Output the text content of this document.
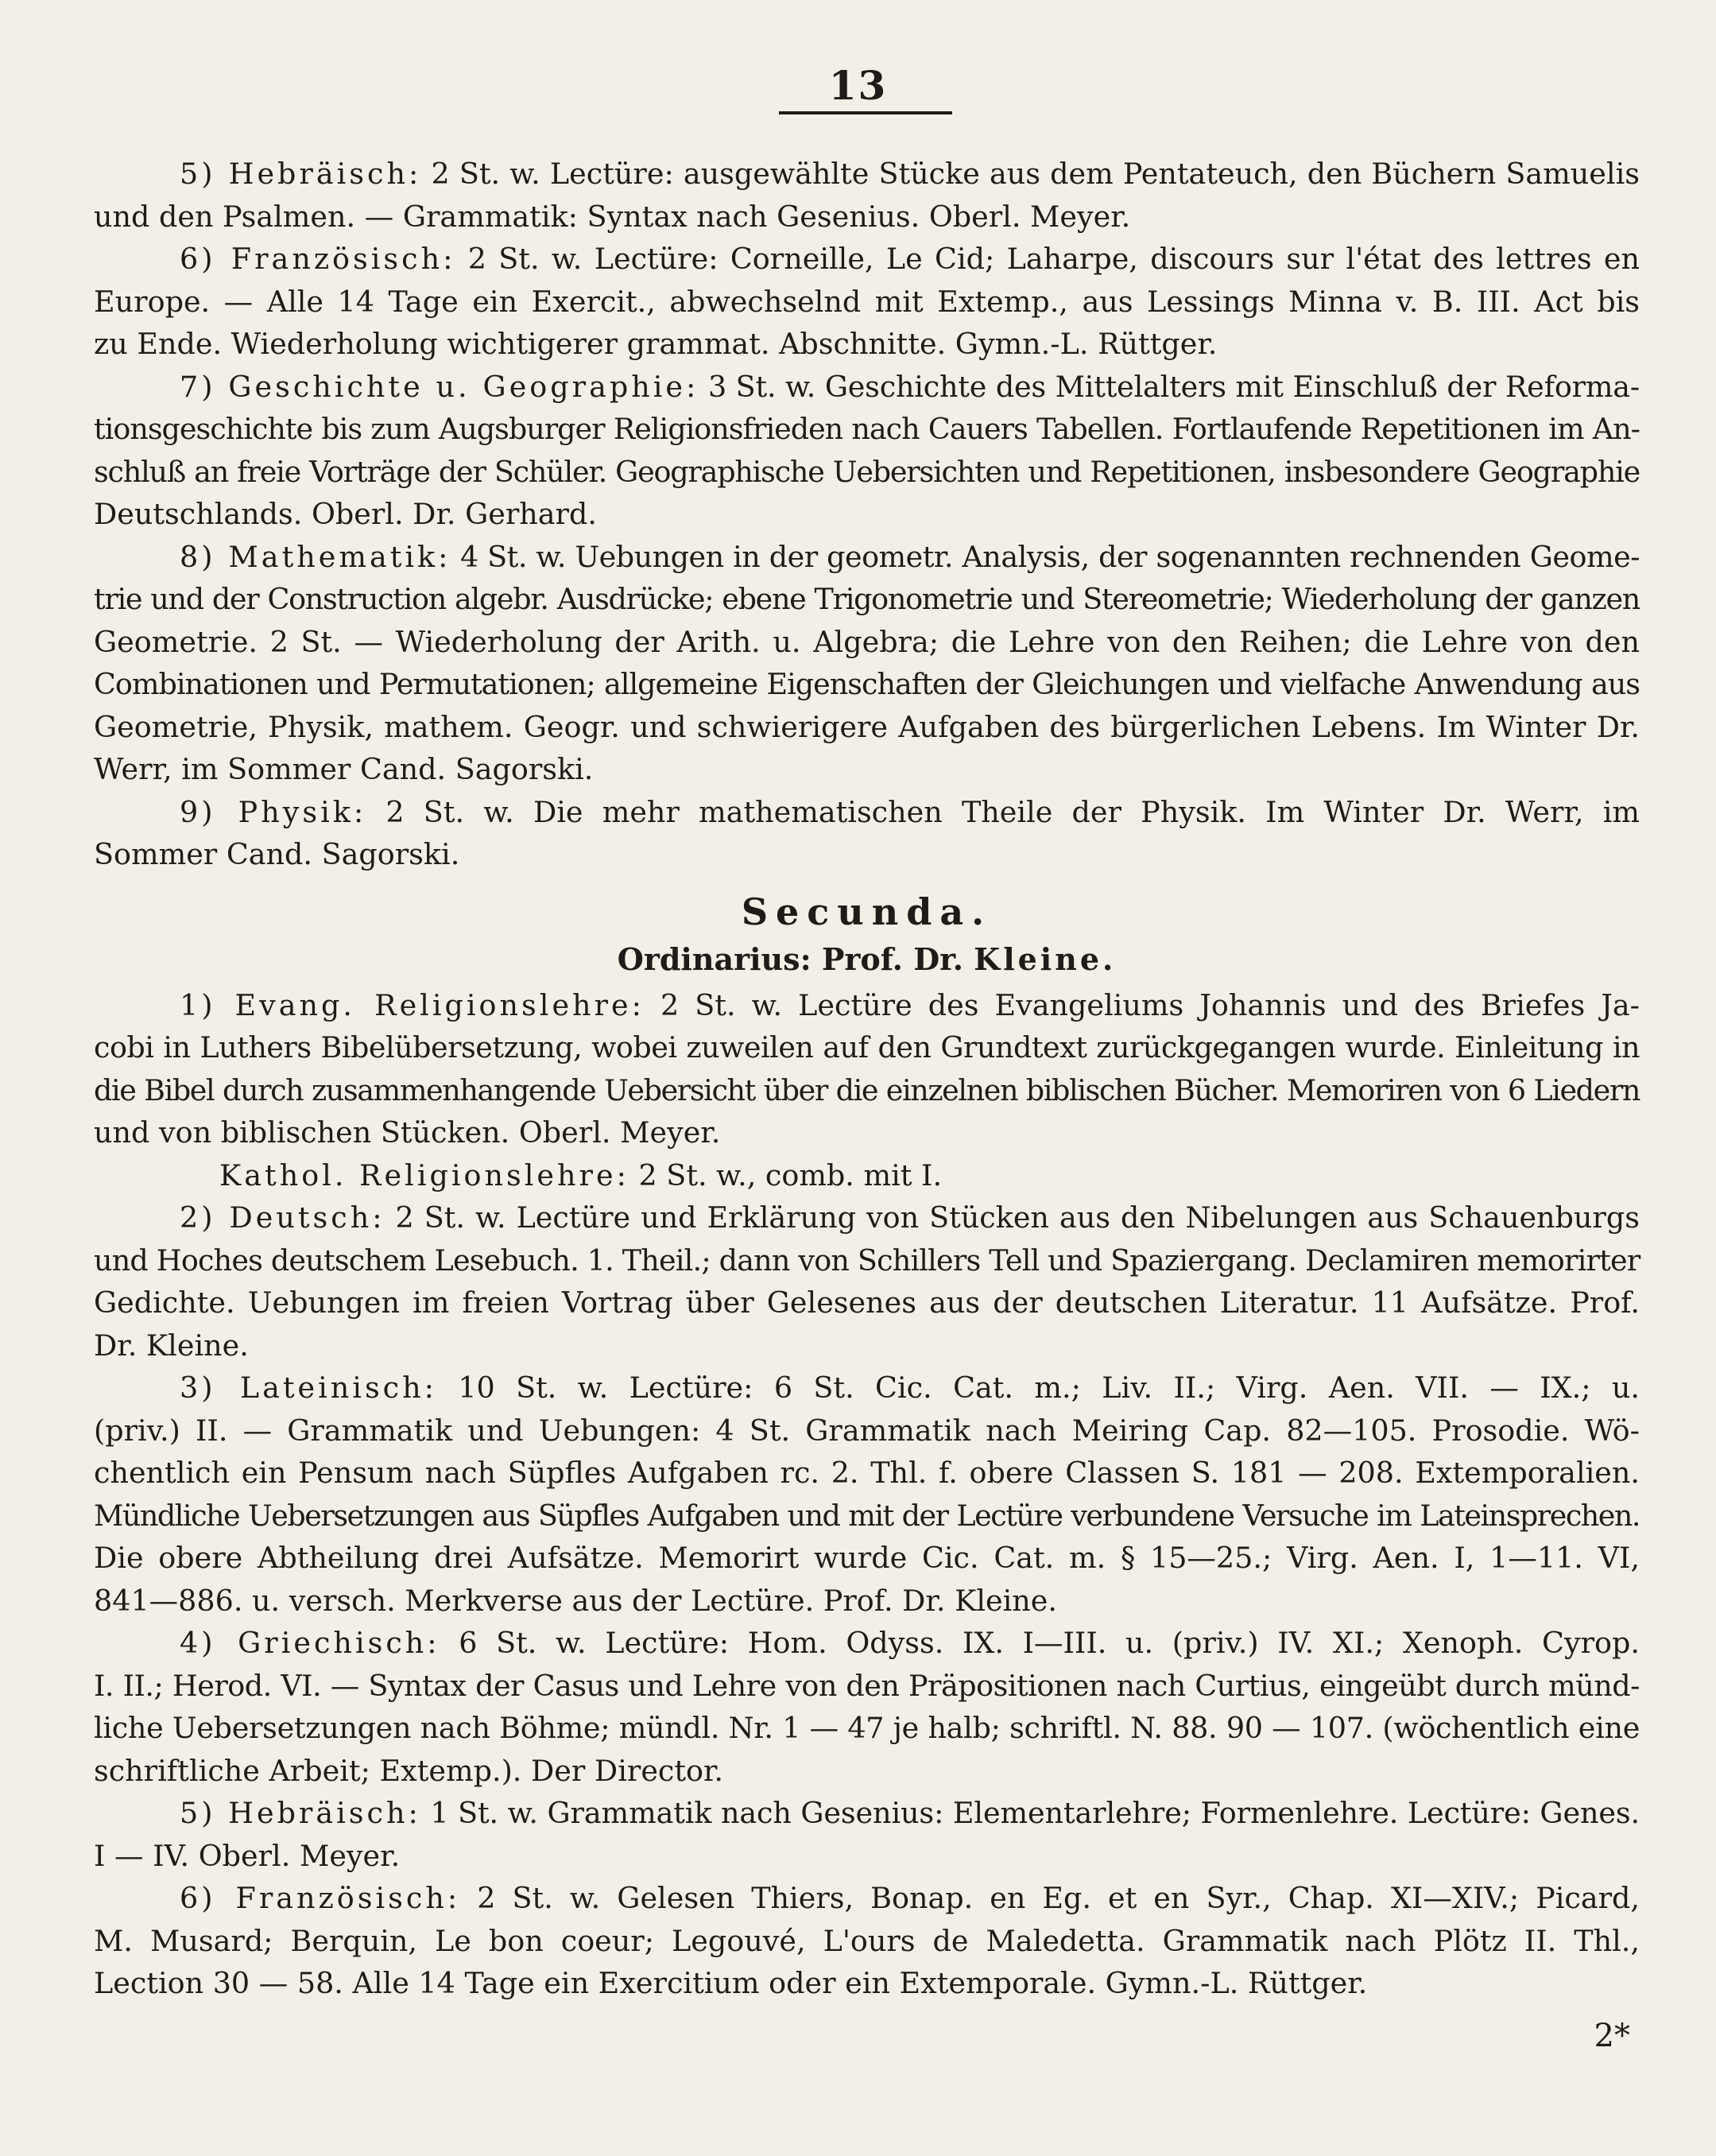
13
5) Hebräisch: 2 St. w. Lectüre: ausgewählte Stücke aus dem Pentateuch, den Büchern Samuelis
und den Psalmen. — Grammatik: Syntax nach Gesenius. Oberl. Meyer.
6) Französisch: 2 St. w. Lectüre: Corneille, Le Cid; Laharpe, discours sur l'état des lettres en
Europe. — Alle 14 Tage ein Exercit., abwechselnd mit Extemp., aus Lessings Minna v. B. III. Act bis
zu Ende. Wiederholung wichtigerer grammat. Abschnitte. Gymn.-L. Rüttger.
7) Geschichte u. Geographie: 3 St. w. Geschichte des Mittelalters mit Einschluß der Reforma-
tionsgeschichte bis zum Augsburger Religionsfrieden nach Cauers Tabellen. Fortlaufende Repetitionen im An-
schluß an freie Vorträge der Schüler. Geographische Uebersichten und Repetitionen, insbesondere Geographie
Deutschlands. Oberl. Dr. Gerhard.
8) Mathematik: 4 St. w. Uebungen in der geometr. Analysis, der sogenannten rechnenden Geome-
trie und der Construction algebr. Ausdrücke; ebene Trigonometrie und Stereometrie; Wiederholung der ganzen
Geometrie. 2 St. — Wiederholung der Arith. u. Algebra; die Lehre von den Reihen; die Lehre von den
Combinationen und Permutationen; allgemeine Eigenschaften der Gleichungen und vielfache Anwendung aus
Geometrie, Physik, mathem. Geogr. und schwierigere Aufgaben des bürgerlichen Lebens. Im Winter Dr.
Werr, im Sommer Cand. Sagorski.
9) Physik: 2 St. w. Die mehr mathematischen Theile der Physik. Im Winter Dr. Werr, im
Sommer Cand. Sagorski.
Secunda.
Ordinarius: Prof. Dr. Kleine.
1) Evang. Religionslehre: 2 St. w. Lectüre des Evangeliums Johannis und des Briefes Ja-
cobi in Luthers Bibelübersetzung, wobei zuweilen auf den Grundtext zurückgegangen wurde. Einleitung in
die Bibel durch zusammenhangende Uebersicht über die einzelnen biblischen Bücher. Memoriren von 6 Liedern
und von biblischen Stücken. Oberl. Meyer.
Kathol. Religionslehre: 2 St. w., comb. mit I.
2) Deutsch: 2 St. w. Lectüre und Erklärung von Stücken aus den Nibelungen aus Schauenburgs
und Hoches deutschem Lesebuch. 1. Theil.; dann von Schillers Tell und Spaziergang. Declamiren memorirter
Gedichte. Uebungen im freien Vortrag über Gelesenes aus der deutschen Literatur. 11 Aufsätze. Prof.
Dr. Kleine.
3) Lateinisch: 10 St. w. Lectüre: 6 St. Cic. Cat. m.; Liv. II.; Virg. Aen. VII. — IX.; u.
(priv.) II. — Grammatik und Uebungen: 4 St. Grammatik nach Meiring Cap. 82—105. Prosodie. Wö-
chentlich ein Pensum nach Süpfles Aufgaben rc. 2. Thl. f. obere Classen S. 181 — 208. Extemporalien.
Mündliche Uebersetzungen aus Süpfles Aufgaben und mit der Lectüre verbundene Versuche im Lateinsprechen.
Die obere Abtheilung drei Aufsätze. Memorirt wurde Cic. Cat. m. § 15—25.; Virg. Aen. I, 1—11. VI,
841—886. u. versch. Merkverse aus der Lectüre. Prof. Dr. Kleine.
4) Griechisch: 6 St. w. Lectüre: Hom. Odyss. IX. I—III. u. (priv.) IV. XI.; Xenoph. Cyrop.
I. II.; Herod. VI. — Syntax der Casus und Lehre von den Präpositionen nach Curtius, eingeübt durch münd-
liche Uebersetzungen nach Böhme; mündl. Nr. 1 — 47 je halb; schriftl. N. 88. 90 — 107. (wöchentlich eine
schriftliche Arbeit; Extemp.). Der Director.
5) Hebräisch: 1 St. w. Grammatik nach Gesenius: Elementarlehre; Formenlehre. Lectüre: Genes.
I — IV. Oberl. Meyer.
6) Französisch: 2 St. w. Gelesen Thiers, Bonap. en Eg. et en Syr., Chap. XI—XIV.; Picard,
M. Musard; Berquin, Le bon coeur; Legouvé, L'ours de Maledetta. Grammatik nach Plötz II. Thl.,
Lection 30 — 58. Alle 14 Tage ein Exercitium oder ein Extemporale. Gymn.-L. Rüttger.
2*
